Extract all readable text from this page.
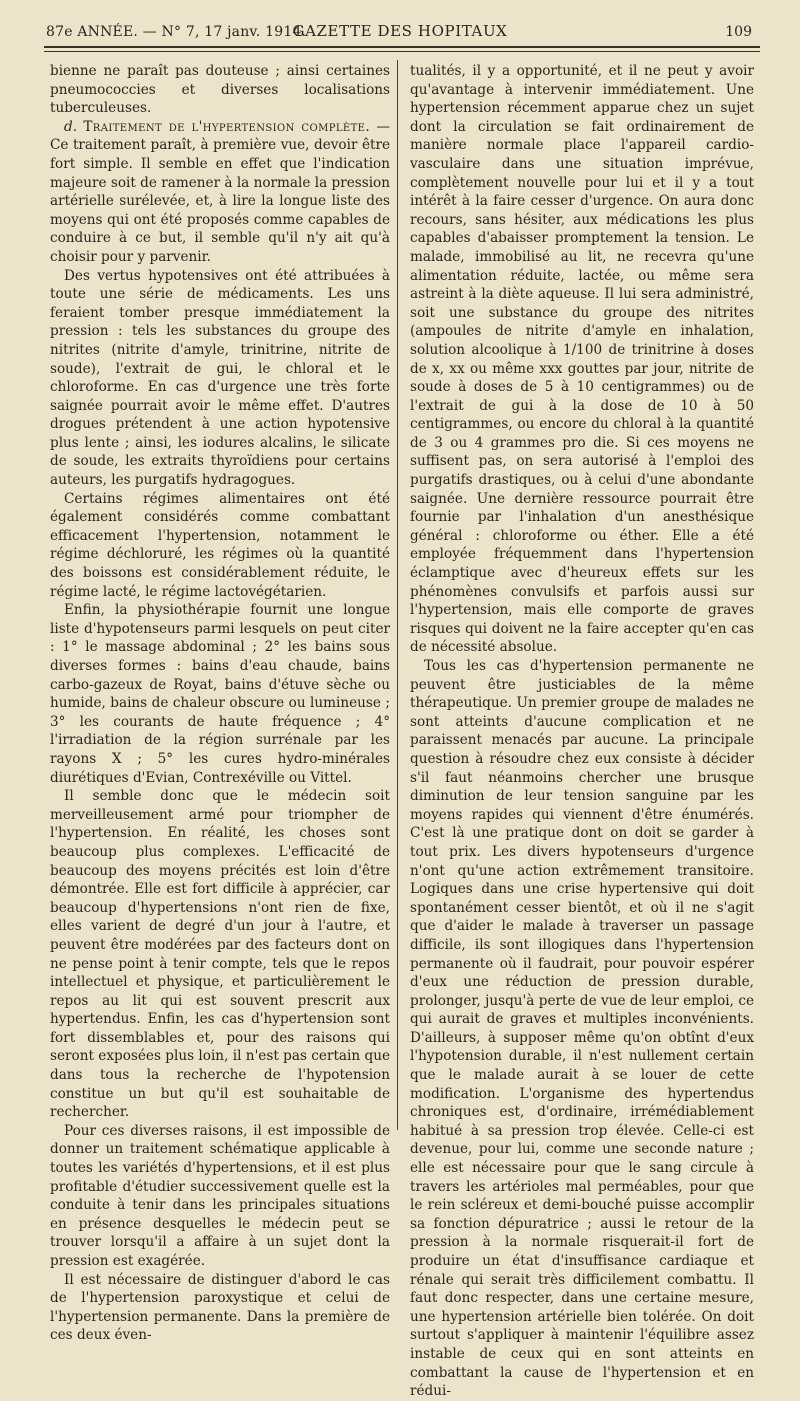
87e ANNÉE. — N° 7, 17 janv. 1914.
GAZETTE DES HOPITAUX	109

bienne ne paraît pas douteuse ; ainsi certaines pneumococcies et diverses localisations tuberculeuses.

d. Traitement de l'hypertension complète. — Ce traitement paraît, à première vue, devoir être fort simple. Il semble en effet que l'indication majeure soit de ramener à la normale la pression artérielle surélevée, et, à lire la longue liste des moyens qui ont été proposés comme capables de conduire à ce but, il semble qu'il n'y ait qu'à choisir pour y parvenir.

Des vertus hypotensives ont été attribuées à toute une série de médicaments. Les uns feraient tomber presque immédiatement la pression : tels les substances du groupe des nitrites (nitrite d'amyle, trinitrine, nitrite de soude), l'extrait de gui, le chloral et le chloroforme. En cas d'urgence une très forte saignée pourrait avoir le même effet. D'autres drogues prétendent à une action hypotensive plus lente ; ainsi, les iodures alcalins, le silicate de soude, les extraits thyroïdiens pour certains auteurs, les purgatifs hydragogues.

Certains régimes alimentaires ont été également considérés comme combattant efficacement l'hypertension, notamment le régime déchloruré, les régimes où la quantité des boissons est considérablement réduite, le régime lacté, le régime lactovégétarien.

Enfin, la physiothérapie fournit une longue liste d'hypotenseurs parmi lesquels on peut citer : 1° le massage abdominal ; 2° les bains sous diverses formes : bains d'eau chaude, bains carbo-gazeux de Royat, bains d'étuve sèche ou humide, bains de chaleur obscure ou lumineuse ; 3° les courants de haute fréquence ; 4° l'irradiation de la région surrénale par les rayons X ; 5° les cures hydro-minérales diurétiques d'Evian, Contrexéville ou Vittel.

Il semble donc que le médecin soit merveilleusement armé pour triompher de l'hypertension. En réalité, les choses sont beaucoup plus complexes. L'efficacité de beaucoup des moyens précités est loin d'être démontrée. Elle est fort difficile à apprécier, car beaucoup d'hypertensions n'ont rien de fixe, elles varient de degré d'un jour à l'autre, et peuvent être modérées par des facteurs dont on ne pense point à tenir compte, tels que le repos intellectuel et physique, et particulièrement le repos au lit qui est souvent prescrit aux hypertendus. Enfin, les cas d'hypertension sont fort dissemblables et, pour des raisons qui seront exposées plus loin, il n'est pas certain que dans tous la recherche de l'hypotension constitue un but qu'il est souhaitable de rechercher.

Pour ces diverses raisons, il est impossible de donner un traitement schématique applicable à toutes les variétés d'hypertensions, et il est plus profitable d'étudier successivement quelle est la conduite à tenir dans les principales situations en présence desquelles le médecin peut se trouver lorsqu'il a affaire à un sujet dont la pression est exagérée.

Il est nécessaire de distinguer d'abord le cas de l'hypertension paroxystique et celui de l'hypertension permanente. Dans la première de ces deux éven-

tualités, il y a opportunité, et il ne peut y avoir qu'avantage à intervenir immédiatement. Une hypertension récemment apparue chez un sujet dont la circulation se fait ordinairement de manière normale place l'appareil cardio-vasculaire dans une situation imprévue, complètement nouvelle pour lui et il y a tout intérêt à la faire cesser d'urgence. On aura donc recours, sans hésiter, aux médications les plus capables d'abaisser promptement la tension. Le malade, immobilisé au lit, ne recevra qu'une alimentation réduite, lactée, ou même sera astreint à la diète aqueuse. Il lui sera administré, soit une substance du groupe des nitrites (ampoules de nitrite d'amyle en inhalation, solution alcoolique à 1/100 de trinitrine à doses de x, xx ou même xxx gouttes par jour, nitrite de soude à doses de 5 à 10 centigrammes) ou de l'extrait de gui à la dose de 10 à 50 centigrammes, ou encore du chloral à la quantité de 3 ou 4 grammes pro die. Si ces moyens ne suffisent pas, on sera autorisé à l'emploi des purgatifs drastiques, ou à celui d'une abondante saignée. Une dernière ressource pourrait être fournie par l'inhalation d'un anesthésique général : chloroforme ou éther. Elle a été employée fréquemment dans l'hypertension éclamptique avec d'heureux effets sur les phénomènes convulsifs et parfois aussi sur l'hypertension, mais elle comporte de graves risques qui doivent ne la faire accepter qu'en cas de nécessité absolue.

Tous les cas d'hypertension permanente ne peuvent être justiciables de la même thérapeutique. Un premier groupe de malades ne sont atteints d'aucune complication et ne paraissent menacés par aucune. La principale question à résoudre chez eux consiste à décider s'il faut néanmoins chercher une brusque diminution de leur tension sanguine par les moyens rapides qui viennent d'être énumérés. C'est là une pratique dont on doit se garder à tout prix. Les divers hypotenseurs d'urgence n'ont qu'une action extrêmement transitoire. Logiques dans une crise hypertensive qui doit spontanément cesser bientôt, et où il ne s'agit que d'aider le malade à traverser un passage difficile, ils sont illogiques dans l'hypertension permanente où il faudrait, pour pouvoir espérer d'eux une réduction de pression durable, prolonger, jusqu'à perte de vue de leur emploi, ce qui aurait de graves et multiples inconvénients. D'ailleurs, à supposer même qu'on obtînt d'eux l'hypotension durable, il n'est nullement certain que le malade aurait à se louer de cette modification. L'organisme des hypertendus chroniques est, d'ordinaire, irrémédiablement habitué à sa pression trop élevée. Celle-ci est devenue, pour lui, comme une seconde nature ; elle est nécessaire pour que le sang circule à travers les artérioles mal perméables, pour que le rein scléreux et demi-bouché puisse accomplir sa fonction dépuratrice ; aussi le retour de la pression à la normale risquerait-il fort de produire un état d'insuffisance cardiaque et rénale qui serait très difficilement combattu. Il faut donc respecter, dans une certaine mesure, une hypertension artérielle bien tolérée. On doit surtout s'appliquer à maintenir l'équilibre assez instable de ceux qui en sont atteints en combattant la cause de l'hypertension et en rédui-
